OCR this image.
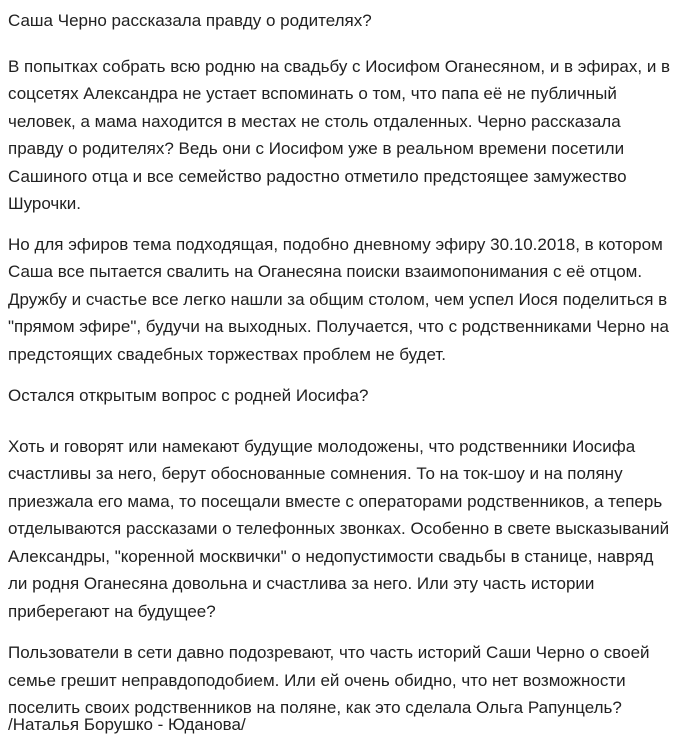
Саша Черно рассказала правду о родителях?

В попытках собрать всю родню на свадьбу с Иосифом Оганесяном, и в эфирах, и в соцсетях Александра не устает вспоминать о том, что папа её не публичный человек, а мама находится в местах не столь отдаленных. Черно рассказала правду о родителях? Ведь они с Иосифом уже в реальном времени посетили Сашиного отца и все семейство радостно отметило предстоящее замужество Шурочки.

Но для эфиров тема подходящая, подобно дневному эфиру 30.10.2018, в котором Саша все пытается свалить на Оганесяна поиски взаимопонимания с её отцом. Дружбу и счастье все легко нашли за общим столом, чем успел Иося поделиться в "прямом эфире", будучи на выходных. Получается, что с родственниками Черно на предстоящих свадебных торжествах проблем не будет.

Остался открытым вопрос с родней Иосифа?

Хоть и говорят или намекают будущие молодожены, что родственники Иосифа счастливы за него, берут обоснованные сомнения. То на ток-шоу и на поляну приезжала его мама, то посещали вместе с операторами родственников, а теперь отделываются рассказами о телефонных звонках. Особенно в свете высказываний Александры, "коренной москвички" о недопустимости свадьбы в станице, навряд ли родня Оганесяна довольна и счастлива за него. Или эту часть истории приберегают на будущее?

Пользователи в сети давно подозревают, что часть историй Саши Черно о своей семье грешит неправдоподобием. Или ей очень обидно, что нет возможности поселить своих родственников на поляне, как это сделала Ольга Рапунцель?

/Наталья Борушко - Юданова/
